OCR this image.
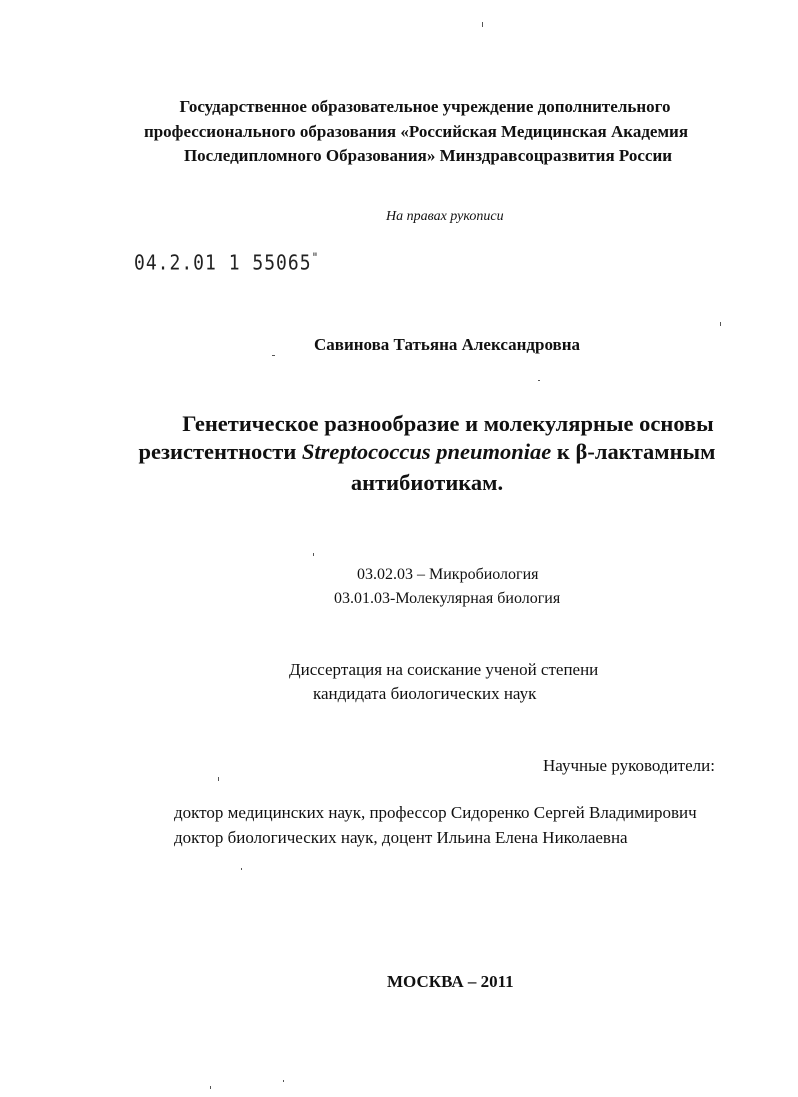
Государственное образовательное учреждение дополнительного
профессионального образования «Российская Медицинская Академия
Последипломного Образования» Минздравсоцразвития России
На правах рукописи
04.2.01 1 55065"
Савинова Татьяна Александровна
Генетическое разнообразие и молекулярные основы
резистентности Streptococcus pneumoniae к β-лактамным
антибиотикам.
03.02.03 – Микробиология
03.01.03-Молекулярная биология
Диссертация на соискание ученой степени
кандидата биологических наук
Научные руководители:
доктор медицинских наук, профессор Сидоренко Сергей Владимирович
доктор биологических наук, доцент Ильина Елена Николаевна
МОСКВА – 2011
